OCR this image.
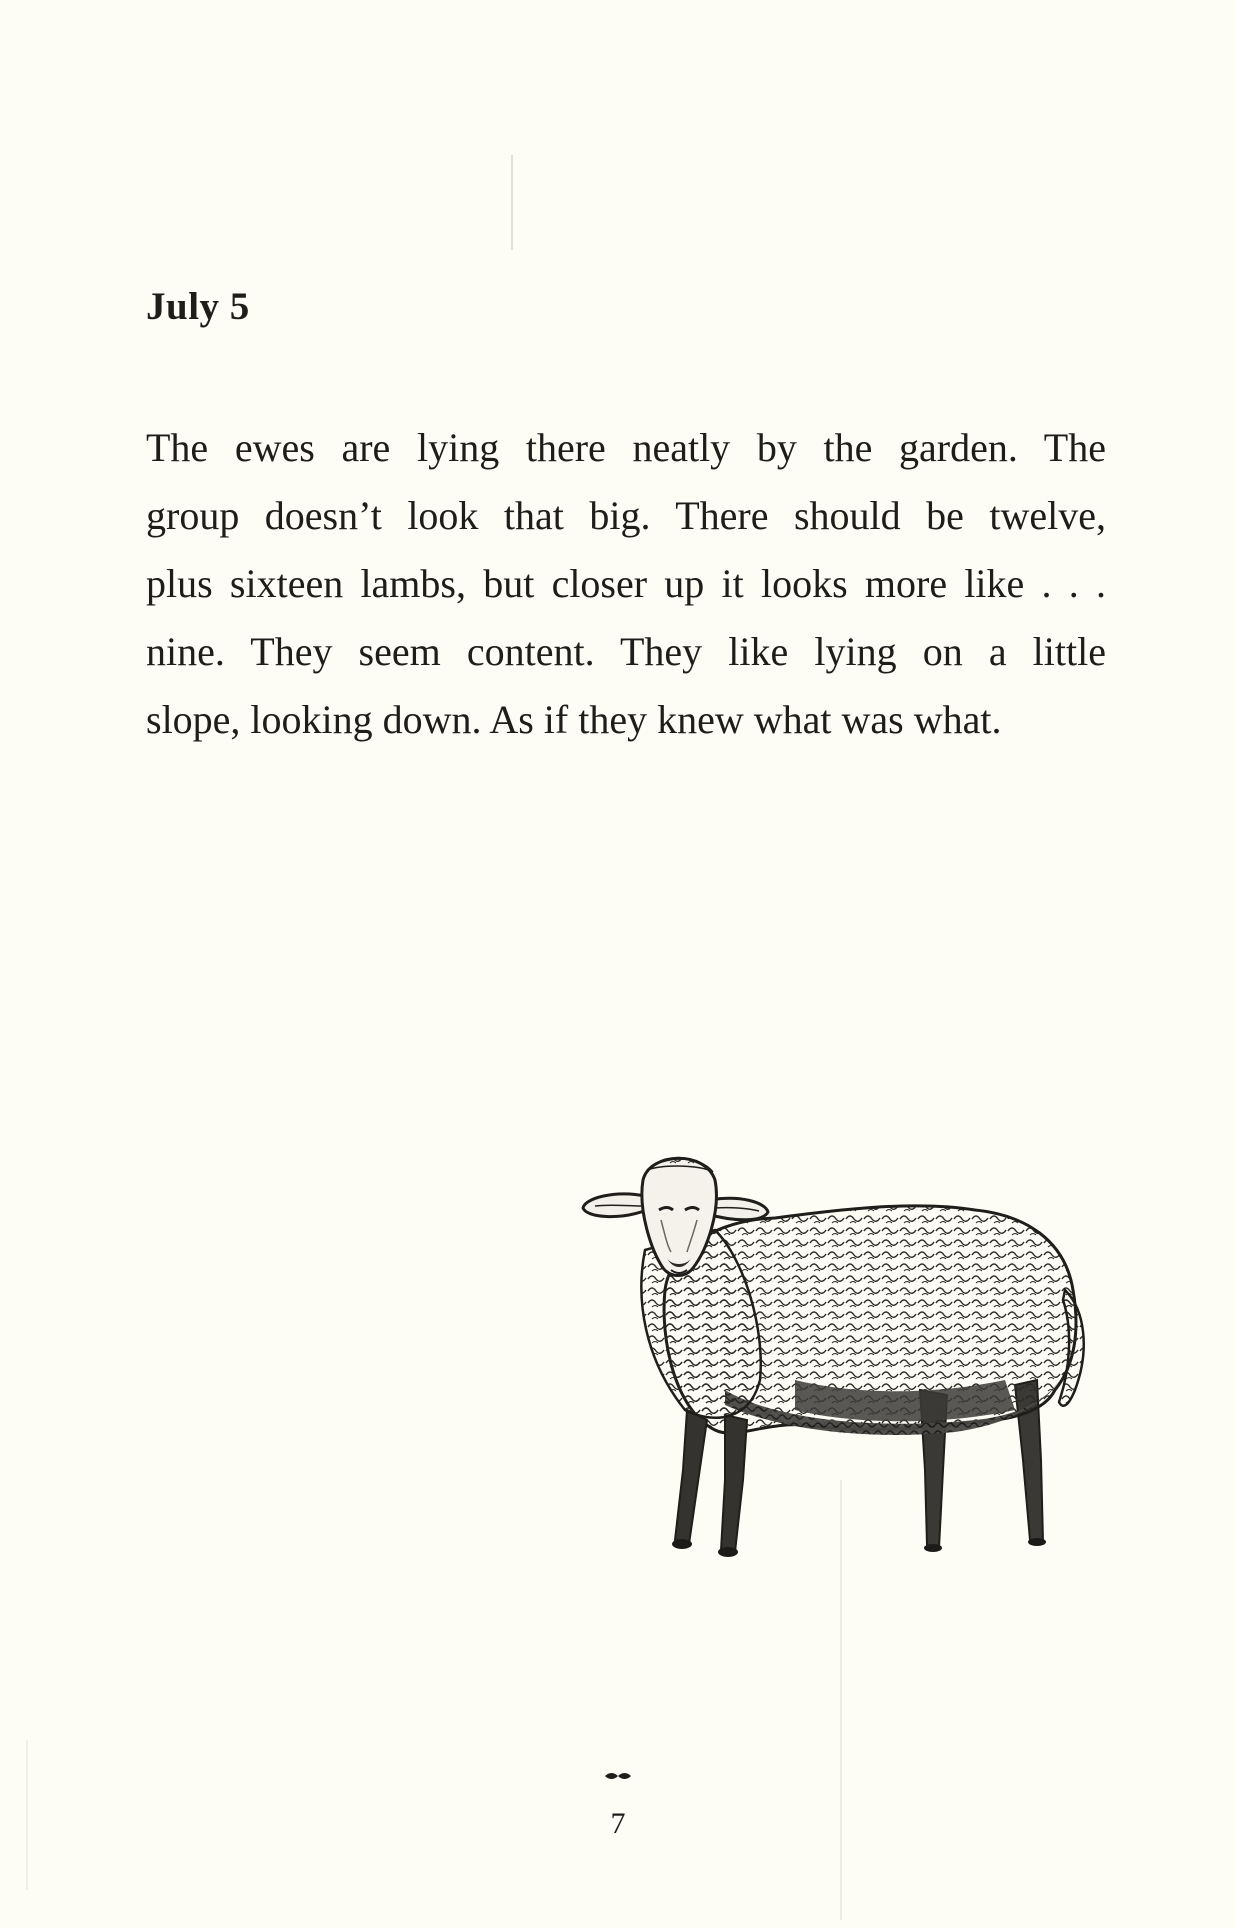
July 5

The ewes are lying there neatly by the garden. The
group doesn’t look that big. There should be twelve,
plus sixteen lambs, but closer up it looks more like . . .
nine. They seem content. They like lying on a little
slope, looking down. As if they knew what was what.

7
